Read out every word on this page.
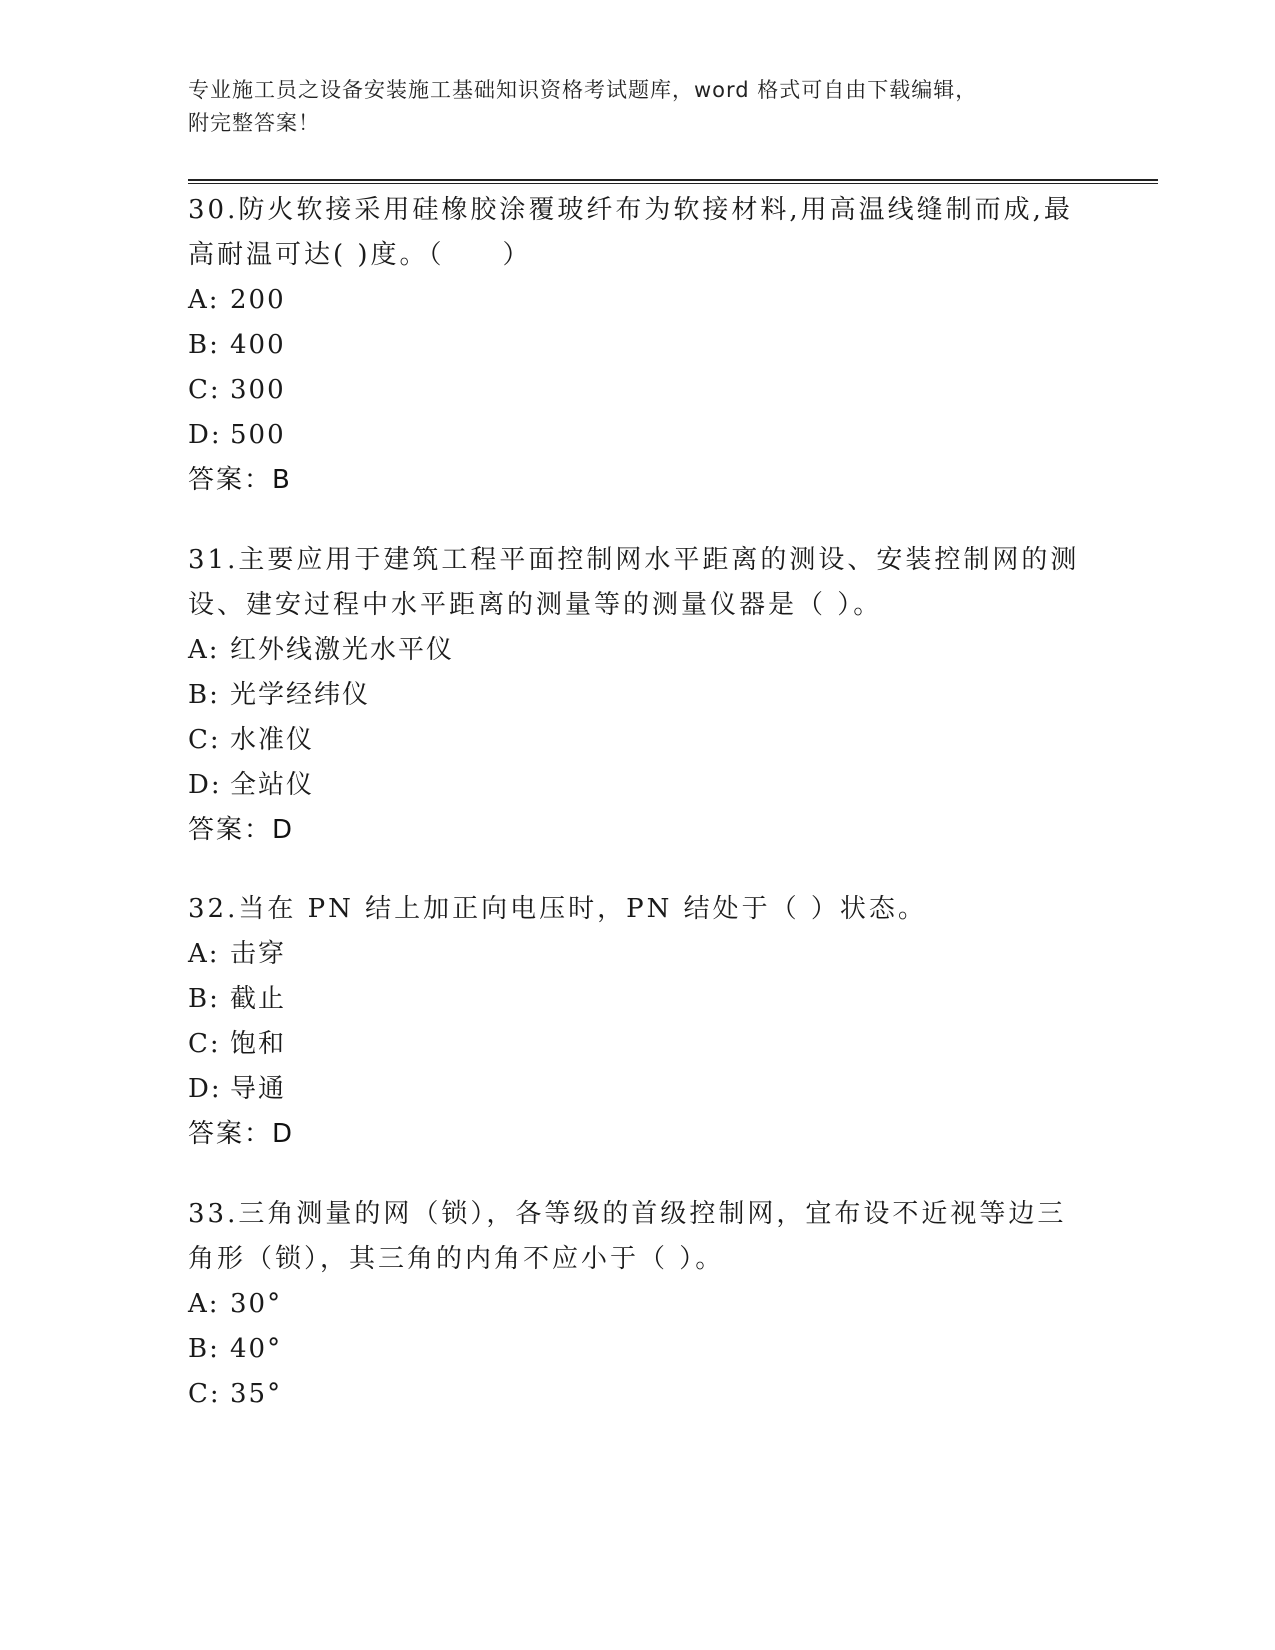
专业施工员之设备安装施工基础知识资格考试题库，word 格式可自由下载编辑，
附完整答案！

30.防火软接采用硅橡胶涂覆玻纤布为软接材料,用高温线缝制而成,最

高耐温可达( )度。（　　）

A: 200

B: 400

C: 300

D: 500

答案：B

31.主要应用于建筑工程平面控制网水平距离的测设、安装控制网的测

设、建安过程中水平距离的测量等的测量仪器是（ ）。

A: 红外线激光水平仪

B: 光学经纬仪

C: 水准仪

D: 全站仪

答案：D

32.当在 PN 结上加正向电压时，PN 结处于（ ）状态。

A: 击穿

B: 截止

C: 饱和

D: 导通

答案：D

33.三角测量的网（锁），各等级的首级控制网，宜布设不近视等边三

角形（锁），其三角的内角不应小于（ ）。

A: 30°

B: 40°

C: 35°
